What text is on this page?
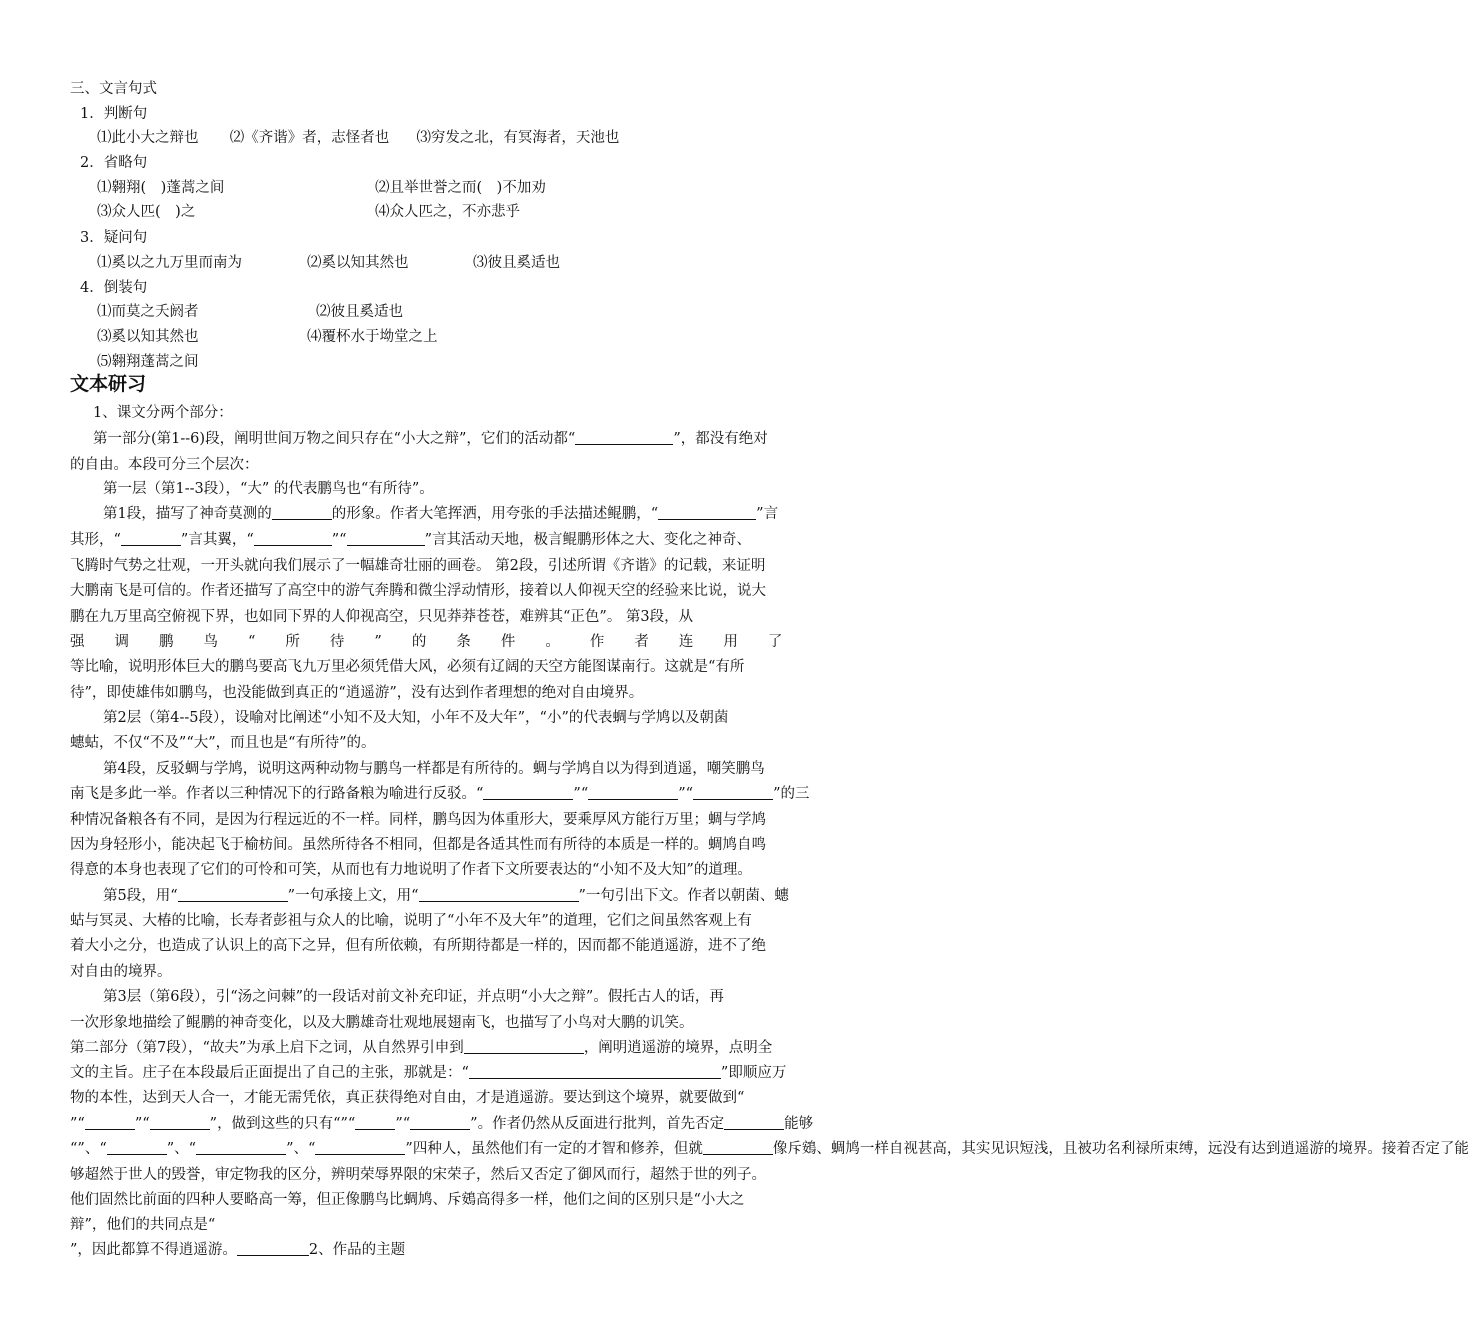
三、文言句式
1．判断句
⑴此小大之辩也 ⑵《齐谐》者，志怪者也 ⑶穷发之北，有冥海者，天池也
2．省略句
⑴翱翔(　)蓬蒿之间	⑵且举世誉之而(　)不加劝
⑶众人匹(　)之	⑷众人匹之，不亦悲乎
3．疑问句
⑴奚以之九万里而南为	⑵奚以知其然也	⑶彼且奚适也
4．倒装句
⑴而莫之夭阏者	⑵彼且奚适也
⑶奚以知其然也	⑷覆杯水于坳堂之上
⑸翱翔蓬蒿之间
文本研习
1、课文分两个部分：
第一部分(第1--6)段，阐明世间万物之间只存在“小大之辩”，它们的活动都“	”，都没有绝对
的自由。本段可分三个层次：
第一层（第1--3段），“大” 的代表鹏鸟也“有所待”。
第1段，描写了神奇莫测的	的形象。作者大笔挥洒，用夸张的手法描述鲲鹏，“	”言
其形，“	”言其翼，“	”“	”言其活动天地，极言鲲鹏形体之大、变化之神奇、
飞腾时气势之壮观，一开头就向我们展示了一幅雄奇壮丽的画卷。 第2段，引述所谓《齐谐》的记载，来证明
大鹏南飞是可信的。作者还描写了高空中的游气奔腾和微尘浮动情形，接着以人仰视天空的经验来比说，说大
鹏在九万里高空俯视下界，也如同下界的人仰视高空，只见莽莽苍苍，难辨其“正色”。 第3段，从
强调鹏鸟“所待”的条件。作者连用了
等比喻，说明形体巨大的鹏鸟要高飞九万里必须凭借大风，必须有辽阔的天空方能图谋南行。这就是“有所
待”，即使雄伟如鹏鸟，也没能做到真正的“逍遥游”，没有达到作者理想的绝对自由境界。
第2层（第4--5段），设喻对比阐述“小知不及大知，小年不及大年”，“小”的代表蜩与学鸠以及朝菌
蟪蛄，不仅“不及”“大”，而且也是“有所待”的。
第4段，反驳蜩与学鸠，说明这两种动物与鹏鸟一样都是有所待的。蜩与学鸠自以为得到逍遥，嘲笑鹏鸟
南飞是多此一举。作者以三种情况下的行路备粮为喻进行反驳。“	”“	”“	”的三
种情况备粮各有不同，是因为行程远近的不一样。同样，鹏鸟因为体重形大，要乘厚风方能行万里；蜩与学鸠
因为身轻形小，能决起飞于榆枋间。虽然所待各不相同，但都是各适其性而有所待的本质是一样的。蜩鸠自鸣
得意的本身也表现了它们的可怜和可笑，从而也有力地说明了作者下文所要表达的“小知不及大知”的道理。
第5段，用“	”一句承接上文，用“	”一句引出下文。作者以朝菌、蟪
蛄与冥灵、大椿的比喻，长寿者彭祖与众人的比喻，说明了“小年不及大年”的道理，它们之间虽然客观上有
着大小之分，也造成了认识上的高下之异，但有所依赖，有所期待都是一样的，因而都不能逍遥游，进不了绝
对自由的境界。
第3层（第6段），引“汤之问棘”的一段话对前文补充印证，并点明“小大之辩”。假托古人的话，再
一次形象地描绘了鲲鹏的神奇变化，以及大鹏雄奇壮观地展翅南飞，也描写了小鸟对大鹏的讥笑。
第二部分（第7段），“故夫”为承上启下之词，从自然界引申到	，阐明逍遥游的境界，点明全
文的主旨。庄子在本段最后正面提出了自己的主张，那就是：“	”即顺应万
物的本性，达到天人合一，才能无需凭依，真正获得绝对自由，才是逍遥游。要达到这个境界，就要做到“
”“	”“	”，做到这些的只有“”“	”“	”。作者仍然从反面进行批判，首先否定	能够
“”、“	”、“	”、“	”四种人，虽然他们有一定的才智和修养，但就	像斥鴳、蜩鸠一样自视甚高，其实见识短浅，且被功名利禄所束缚，远没有达到逍遥游的境界。接着否定了能
够超然于世人的毁誉，审定物我的区分，辨明荣辱界限的宋荣子，然后又否定了御风而行，超然于世的列子。
他们固然比前面的四种人要略高一筹，但正像鹏鸟比蜩鸠、斥鴳高得多一样，他们之间的区别只是“小大之
辩”，他们的共同点是“
”，因此都算不得逍遥游。	2、作品的主题
